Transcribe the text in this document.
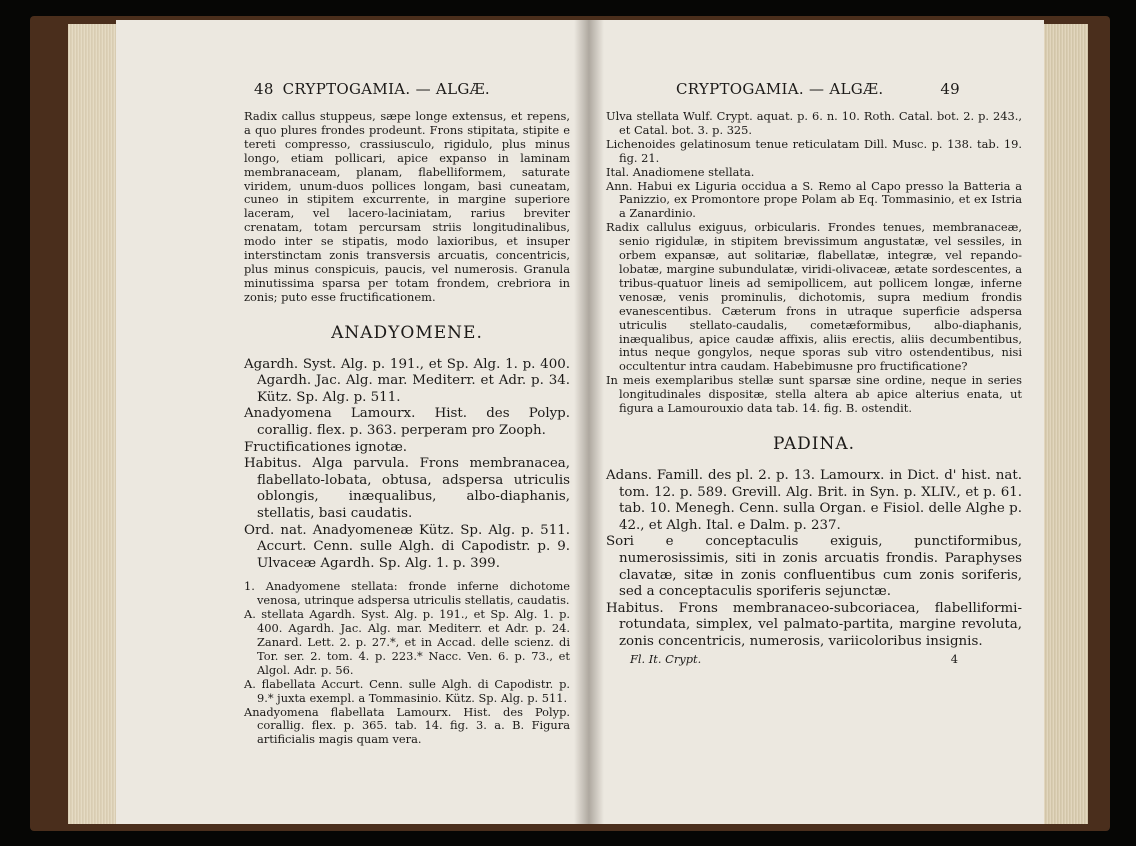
48 CRYPTOGAMIA. — ALGÆ.

Radix callus stuppeus, sæpe longe extensus, et repens, a quo plures frondes prodeunt. Frons stipitata, stipite e tereti compresso, crassiusculo, rigidulo, plus minus longo, etiam pollicari, apice expanso in laminam membranaceam, planam, flabelliformem, saturate viridem, unum-duos pollices longam, basi cuneatam, cuneo in stipitem excurrente, in margine superiore laceram, vel lacero-laciniatam, rarius breviter crenatam, totam percursam striis longitudinalibus, modo inter se stipatis, modo laxioribus, et insuper interstinctam zonis transversis arcuatis, concentricis, plus minus conspicuis, paucis, vel numerosis. Granula minutissima sparsa per totam frondem, crebriora in zonis; puto esse fructificationem.

ANADYOMENE.

Agardh. Syst. Alg. p. 191., et Sp. Alg. 1. p. 400. Agardh. Jac. Alg. mar. Mediterr. et Adr. p. 34. Kütz. Sp. Alg. p. 511.

Anadyomena Lamourx. Hist. des Polyp. corallig. flex. p. 363. perperam pro Zooph.

Fructificationes ignotæ.

Habitus. Alga parvula. Frons membranacea, flabellato-lobata, obtusa, adspersa utriculis oblongis, inæqualibus, albo-diaphanis, stellatis, basi caudatis.

Ord. nat. Anadyomeneæ Kütz. Sp. Alg. p. 511. Accurt. Cenn. sulle Algh. di Capodistr. p. 9. Ulvaceæ Agardh. Sp. Alg. 1. p. 399.

1. Anadyomene stellata: fronde inferne dichotome venosa, utrinque adspersa utriculis stellatis, caudatis.

A. stellata Agardh. Syst. Alg. p. 191., et Sp. Alg. 1. p. 400. Agardh. Jac. Alg. mar. Mediterr. et Adr. p. 24. Zanard. Lett. 2. p. 27.*, et in Accad. delle scienz. di Tor. ser. 2. tom. 4. p. 223.* Nacc. Ven. 6. p. 73., et Algol. Adr. p. 56.

A. flabellata Accurt. Cenn. sulle Algh. di Capodistr. p. 9.* juxta exempl. a Tommasinio. Kütz. Sp. Alg. p. 511.

Anadyomena flabellata Lamourx. Hist. des Polyp. corallig. flex. p. 365. tab. 14. fig. 3. a. B. Figura artificialis magis quam vera.

CRYPTOGAMIA. — ALGÆ.	49

Ulva stellata Wulf. Crypt. aquat. p. 6. n. 10. Roth. Catal. bot. 2. p. 243., et Catal. bot. 3. p. 325.

Lichenoides gelatinosum tenue reticulatam Dill. Musc. p. 138. tab. 19. fig. 21.

Ital. Anadiomene stellata.

Ann. Habui ex Liguria occidua a S. Remo al Capo presso la Batteria a Panizzio, ex Promontore prope Polam ab Eq. Tommasinio, et ex Istria a Zanardinio.

Radix callulus exiguus, orbicularis. Frondes tenues, membranaceæ, senio rigidulæ, in stipitem brevissimum angustatæ, vel sessiles, in orbem expansæ, aut solitariæ, flabellatæ, integræ, vel repando-lobatæ, margine subundulatæ, viridi-olivaceæ, ætate sordescentes, a tribus-quatuor lineis ad semipollicem, aut pollicem longæ, inferne venosæ, venis prominulis, dichotomis, supra medium frondis evanescentibus. Cæterum frons in utraque superficie adspersa utriculis stellato-caudalis, cometæformibus, albo-diaphanis, inæqualibus, apice caudæ affixis, aliis erectis, aliis decumbentibus, intus neque gongylos, neque sporas sub vitro ostendentibus, nisi occultentur intra caudam. Habebimusne pro fructificatione?

In meis exemplaribus stellæ sunt sparsæ sine ordine, neque in series longitudinales dispositæ, stella altera ab apice alterius enata, ut figura a Lamourouxio data tab. 14. fig. B. ostendit.

PADINA.

Adans. Famill. des pl. 2. p. 13. Lamourx. in Dict. d' hist. nat. tom. 12. p. 589. Grevill. Alg. Brit. in Syn. p. XLIV., et p. 61. tab. 10. Menegh. Cenn. sulla Organ. e Fisiol. delle Alghe p. 42., et Algh. Ital. e Dalm. p. 237.

Sori e conceptaculis exiguis, punctiformibus, numerosissimis, siti in zonis arcuatis frondis. Paraphyses clavatæ, sitæ in zonis confluentibus cum zonis soriferis, sed a conceptaculis sporiferis sejunctæ.

Habitus. Frons membranaceo-subcoriacea, flabelliformi-rotundata, simplex, vel palmato-partita, margine revoluta, zonis concentricis, numerosis, variicoloribus insignis.

Fl. It. Crypt.	4
